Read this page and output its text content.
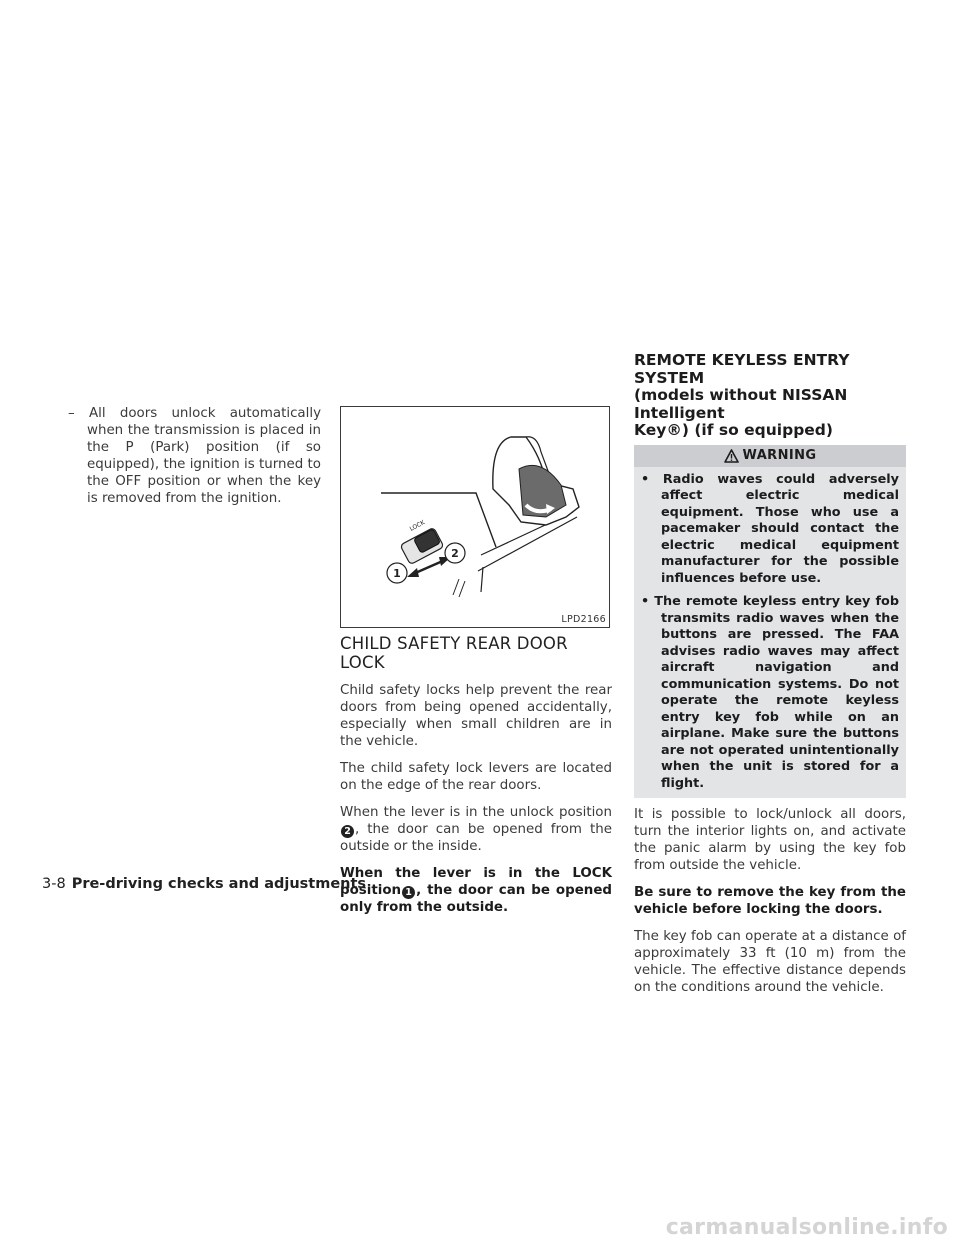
– All doors unlock automatically when the transmission is placed in the P (Park) position (if so equipped), the ignition is turned to the OFF position or when the key is removed from the ignition.

LOCK
1
2
LPD2166
CHILD SAFETY REAR DOOR LOCK

Child safety locks help prevent the rear doors from being opened accidentally, especially when small children are in the vehicle.

The child safety lock levers are located on the edge of the rear doors.

When the lever is in the unlock position2 , the door can be opened from the outside or the inside.

When the lever is in the LOCK position 1 , the door can be opened only from the outside.

REMOTE KEYLESS ENTRY SYSTEM
(models without NISSAN Intelligent
Key®) (if so equipped)
WARNING

• Radio waves could adversely affect electric medical equipment. Those who use a pacemaker should contact the electric medical equipment manufacturer for the possible influences before use.

• The remote keyless entry key fob transmits radio waves when the buttons are pressed. The FAA advises radio waves may affect aircraft navigation and communication systems. Do not operate the remote keyless entry key fob while on an airplane. Make sure the buttons are not operated unintentionally when the unit is stored for a flight.

It is possible to lock/unlock all doors, turn the interior lights on, and activate the panic alarm by using the key fob from outside the vehicle.

Be sure to remove the key from the vehicle before locking the doors.

The key fob can operate at a distance of approximately 33 ft (10 m) from the vehicle. The effective distance depends on the conditions around the vehicle.

3-8 Pre-driving checks and adjustments
carmanualsonline.info
